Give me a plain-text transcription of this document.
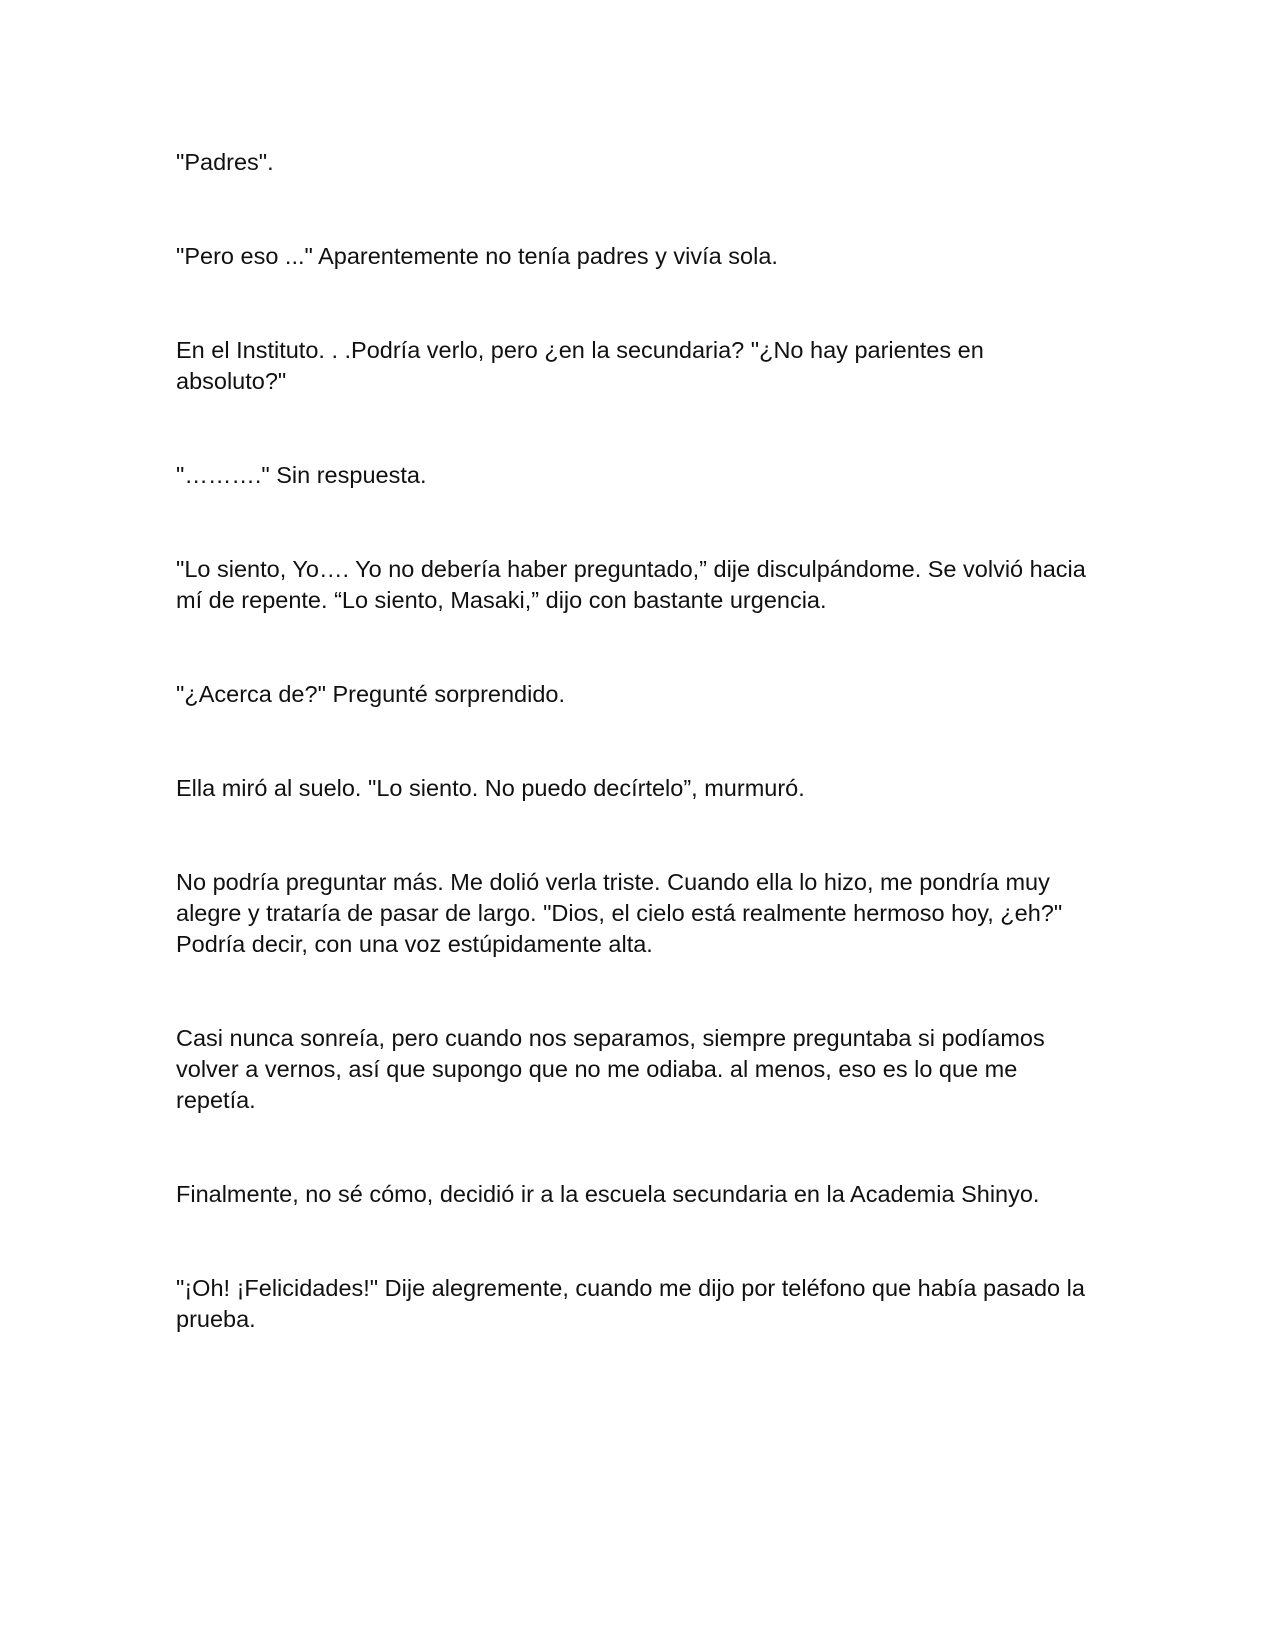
"Padres".

"Pero eso ..." Aparentemente no tenía padres y vivía sola.

En el Instituto. . .Podría verlo, pero ¿en la secundaria? "¿No hay parientes en absoluto?"

"………." Sin respuesta.

"Lo siento, Yo…. Yo no debería haber preguntado,” dije disculpándome. Se volvió hacia mí de repente. “Lo siento, Masaki,” dijo con bastante urgencia.

"¿Acerca de?" Pregunté sorprendido.

Ella miró al suelo. "Lo siento. No puedo decírtelo”, murmuró.

No podría preguntar más. Me dolió verla triste. Cuando ella lo hizo, me pondría muy alegre y trataría de pasar de largo. "Dios, el cielo está realmente hermoso hoy, ¿eh?" Podría decir, con una voz estúpidamente alta.

Casi nunca sonreía, pero cuando nos separamos, siempre preguntaba si podíamos volver a vernos, así que supongo que no me odiaba. al menos, eso es lo que me repetía.

Finalmente, no sé cómo, decidió ir a la escuela secundaria en la Academia Shinyo.

"¡Oh! ¡Felicidades!" Dije alegremente, cuando me dijo por teléfono que había pasado la prueba.
